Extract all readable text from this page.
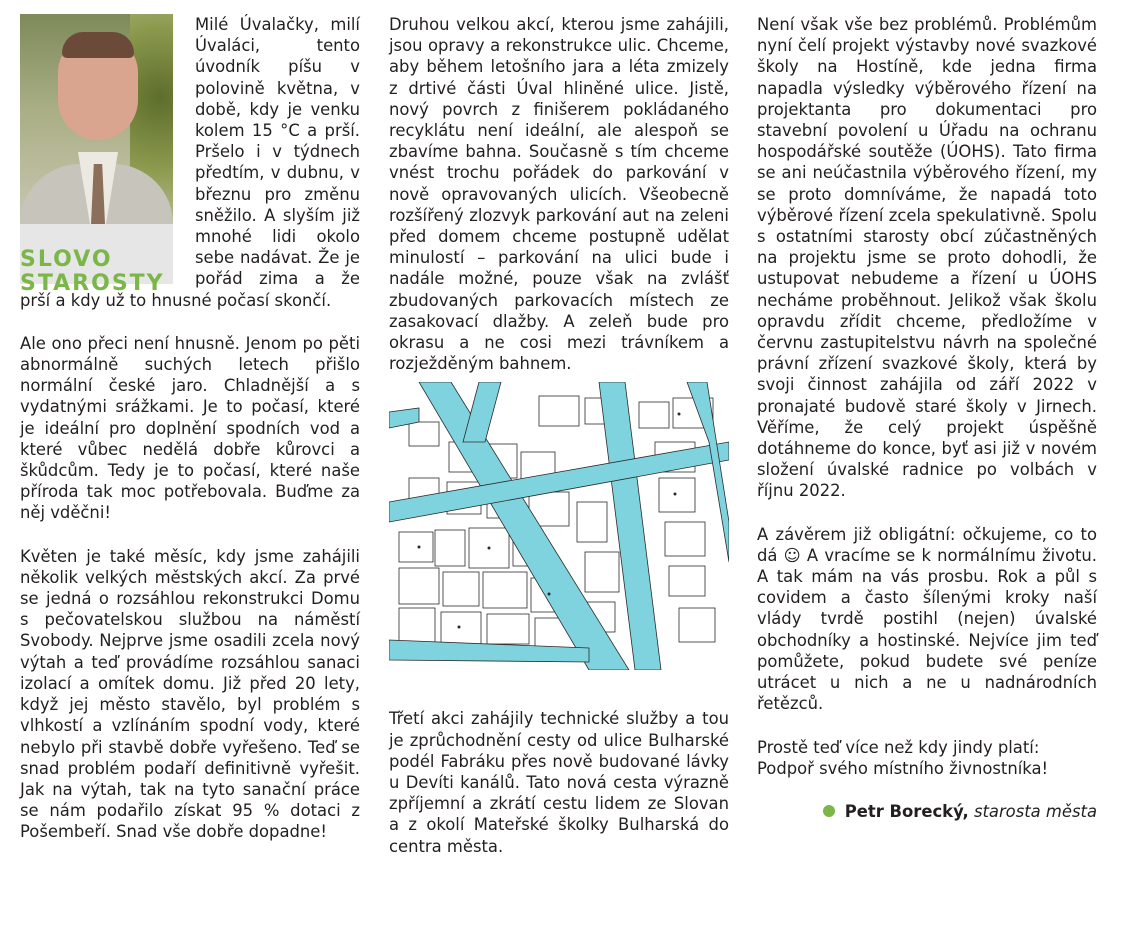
SLOVO
STAROSTY

Milé Úvalačky, milí Úvaláci, tento úvodník píšu v polovině května, v době, kdy je venku kolem 15 °C a prší. Pršelo i v týdnech předtím, v dubnu, v březnu pro změnu sněžilo. A slyším již mnohé lidi okolo sebe nadávat. Že je pořád zima a že prší a kdy už to hnusné počasí skončí.

Ale ono přeci není hnusně. Jenom po pěti abnormálně suchých letech přišlo normální české jaro. Chladnější a s vydatnými srážkami. Je to počasí, které je ideální pro doplnění spodních vod a které vůbec nedělá dobře kůrovci a škůdcům. Tedy je to počasí, které naše příroda tak moc potřebovala. Buďme za něj vděčni!

Květen je také měsíc, kdy jsme zahájili několik velkých městských akcí. Za prvé se jedná o rozsáhlou rekonstrukci Domu s pečovatelskou službou na náměstí Svobody. Nejprve jsme osadili zcela nový výtah a teď provádíme rozsáhlou sanaci izolací a omítek domu. Již před 20 lety, když jej město stavělo, byl problém s vlhkostí a vzlínáním spodní vody, které nebylo při stavbě dobře vyřešeno. Teď se snad problém podaří definitivně vyřešit. Jak na výtah, tak na tyto sanační práce se nám podařilo získat 95 % dotaci z Pošembeří. Snad vše dobře dopadne!

Druhou velkou akcí, kterou jsme zahájili, jsou opravy a rekonstrukce ulic. Chceme, aby během letošního jara a léta zmizely z drtivé části Úval hliněné ulice. Jistě, nový povrch z finišerem pokládaného recyklátu není ideální, ale alespoň se zbavíme bahna. Současně s tím chceme vnést trochu pořádek do parkování v nově opravovaných ulicích. Všeobecně rozšířený zlozvyk parkování aut na zeleni před domem chceme postupně udělat minulostí – parkování na ulici bude i nadále možné, pouze však na zvlášť zbudovaných parkovacích místech ze zasakovací dlažby. A zeleň bude pro okrasu a ne cosi mezi trávníkem a rozježděným bahnem.

Třetí akci zahájily technické služby a tou je zprůchodnění cesty od ulice Bulharské podél Fabráku přes nově budované lávky u Devíti kanálů. Tato nová cesta výrazně zpříjemní a zkrátí cestu lidem ze Slovan a z okolí Mateřské školky Bulharská do centra města.

Není však vše bez problémů. Problémům nyní čelí projekt výstavby nové svazkové školy na Hostíně, kde jedna firma napadla výsledky výběrového řízení na projektanta pro dokumentaci pro stavební povolení u Úřadu na ochranu hospodářské soutěže (ÚOHS). Tato firma se ani neúčastnila výběrového řízení, my se proto domníváme, že napadá toto výběrové řízení zcela spekulativně. Spolu s ostatními starosty obcí zúčastněných na projektu jsme se proto dohodli, že ustupovat nebudeme a řízení u ÚOHS necháme proběhnout. Jelikož však školu opravdu zřídit chceme, předložíme v červnu zastupitelstvu návrh na společné právní zřízení svazkové školy, která by svoji činnost zahájila od září 2022 v pronajaté budově staré školy v Jirnech. Věříme, že celý projekt úspěšně dotáhneme do konce, byť asi již v novém složení úvalské radnice po volbách v říjnu 2022.

A závěrem již obligátní: očkujeme, co to dá ☺ A vracíme se k normálnímu životu. A tak mám na vás prosbu. Rok a půl s covidem a často šílenými kroky naší vlády tvrdě postihl (nejen) úvalské obchodníky a hostinské. Nejvíce jim teď pomůžete, pokud budete své peníze utrácet u nich a ne u nadnárodních řetězců.

Prostě teď více než kdy jindy platí: Podpoř svého místního živnostníka!

Petr Borecký, starosta města
